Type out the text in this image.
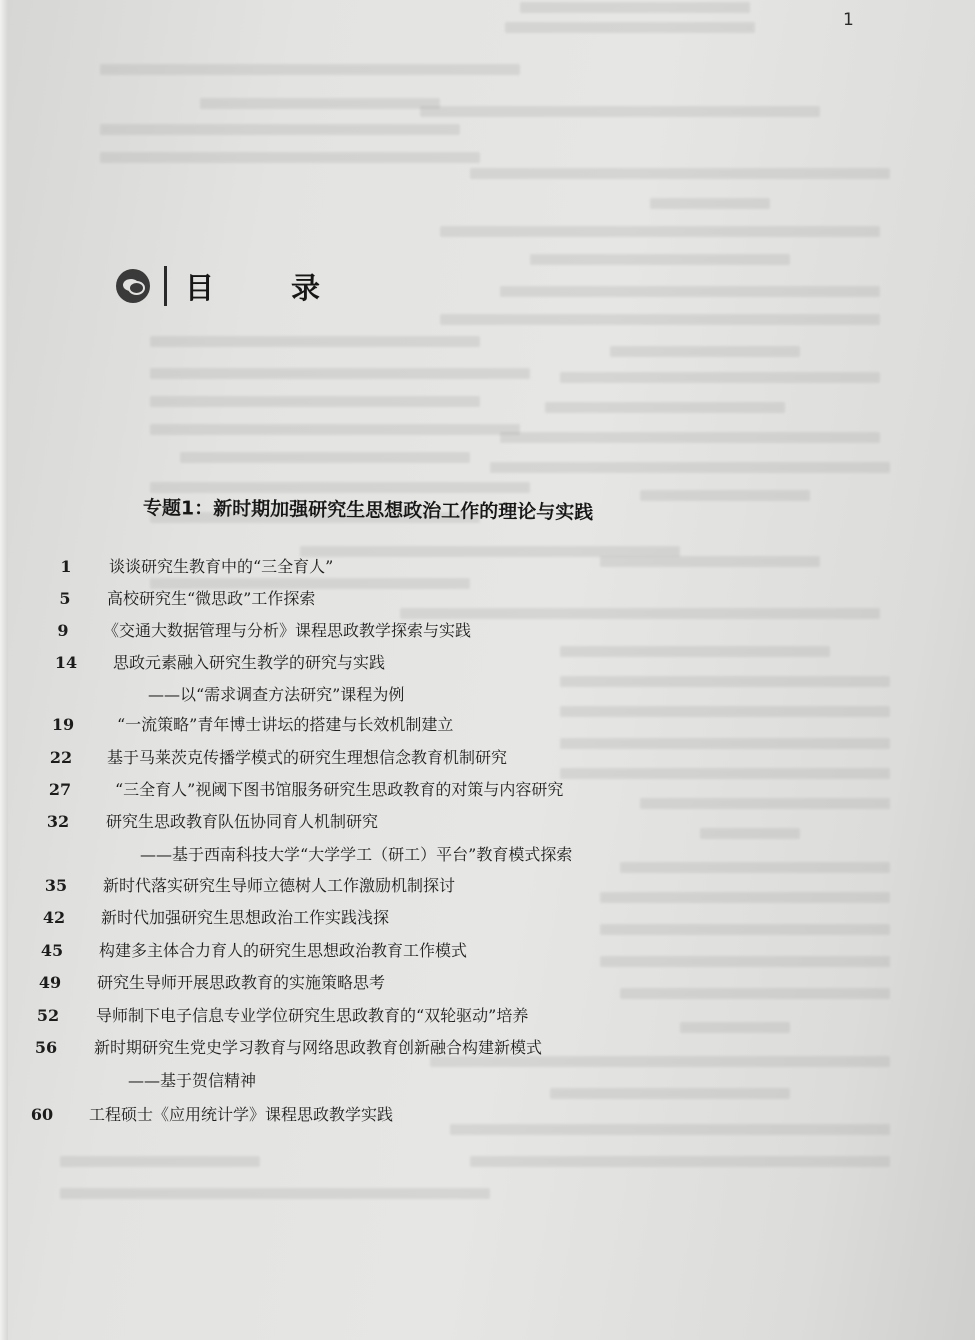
1
目　录
专题1：新时期加强研究生思想政治工作的理论与实践
1	谈谈研究生教育中的“三全育人”
5	高校研究生“微思政”工作探索
9	《交通大数据管理与分析》课程思政教学探索与实践
14	思政元素融入研究生教学的研究与实践
——以“需求调查方法研究”课程为例
19	“一流策略”青年博士讲坛的搭建与长效机制建立
22	基于马莱茨克传播学模式的研究生理想信念教育机制研究
27	“三全育人”视阈下图书馆服务研究生思政教育的对策与内容研究
32	研究生思政教育队伍协同育人机制研究
——基于西南科技大学“大学学工（研工）平台”教育模式探索
35	新时代落实研究生导师立德树人工作激励机制探讨
42	新时代加强研究生思想政治工作实践浅探
45	构建多主体合力育人的研究生思想政治教育工作模式
49	研究生导师开展思政教育的实施策略思考
52	导师制下电子信息专业学位研究生思政教育的“双轮驱动”培养
56	新时期研究生党史学习教育与网络思政教育创新融合构建新模式
——基于贺信精神
60	工程硕士《应用统计学》课程思政教学实践
